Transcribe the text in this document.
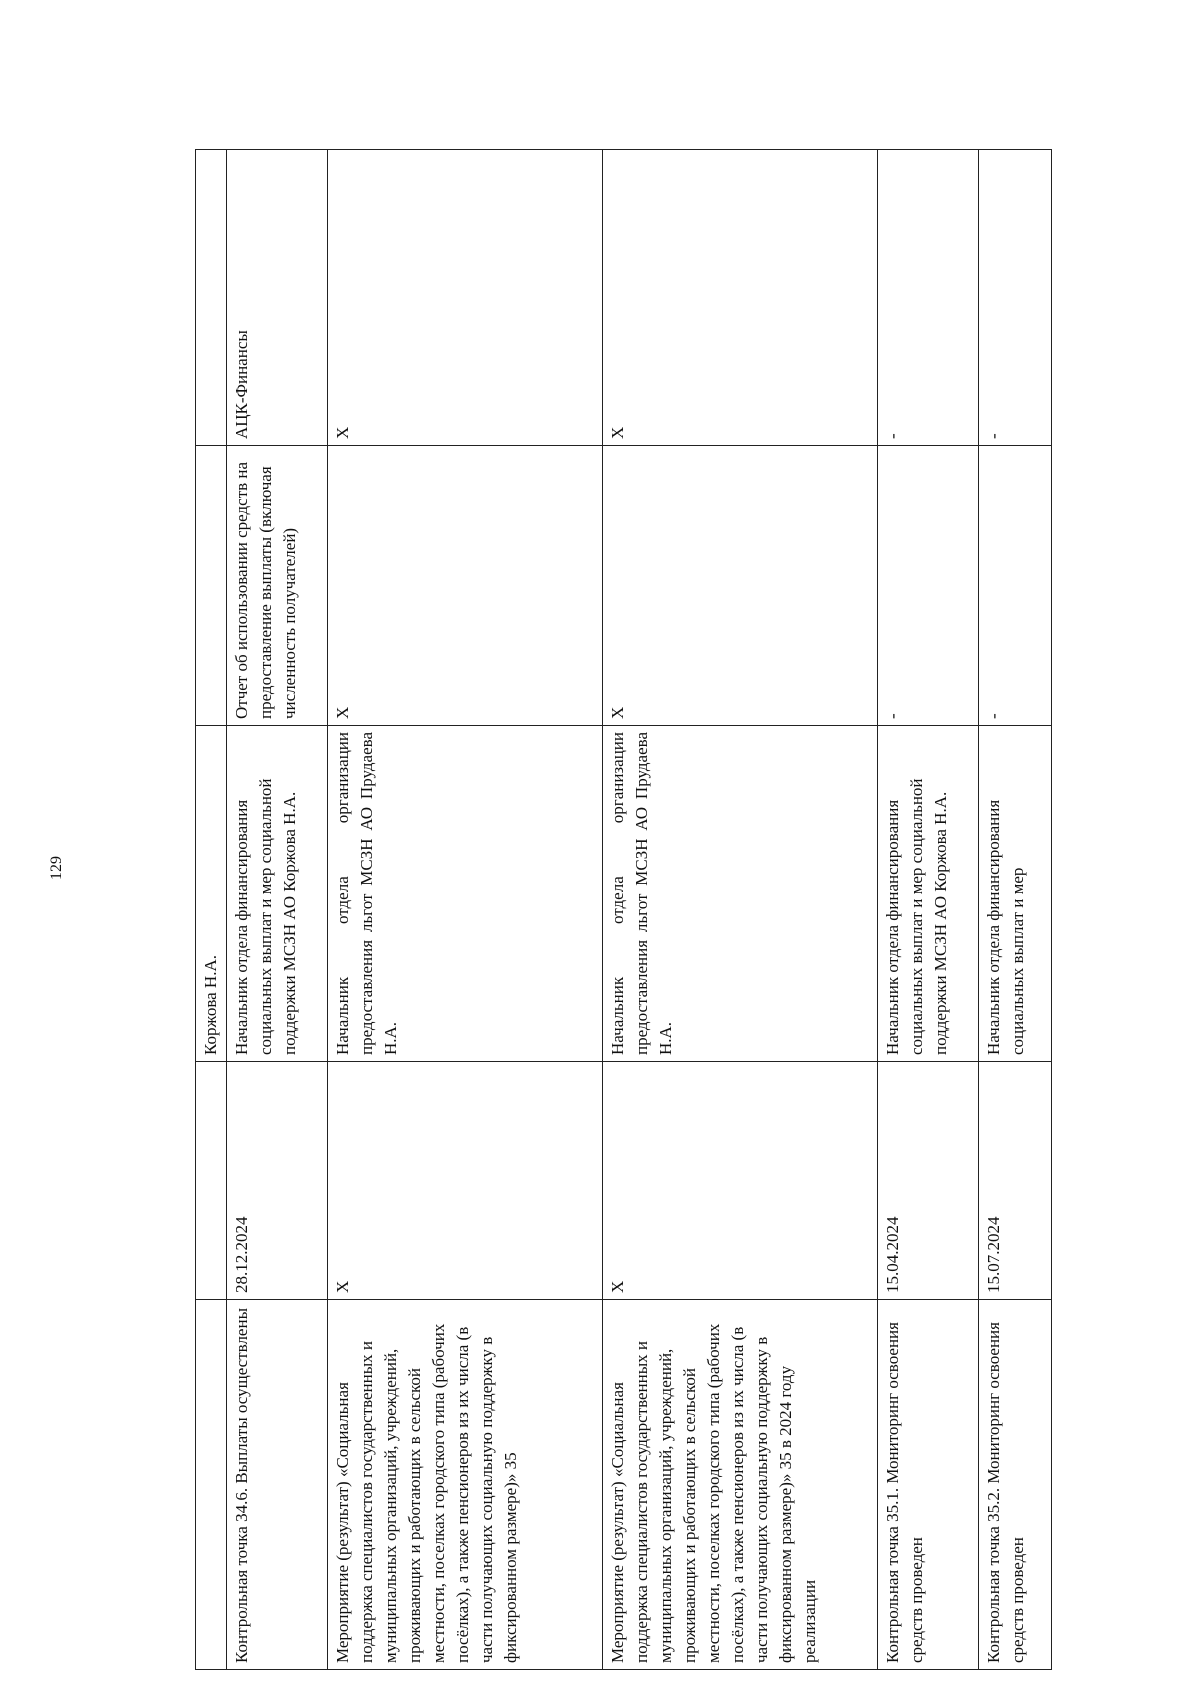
129
		Коржова Н.А.		
Контрольная точка 34.6. Выплаты осуществлены	28.12.2024	Начальник отдела финансирования социальных выплат и мер социальной поддержки МСЗН АО Коржова Н.А.	Отчет об использовании средств на предоставление выплаты (включая численность получателей)	АЦК-Финансы
Мероприятие (результат) «Социальная поддержка специалистов государственных и муниципальных организаций, учреждений, проживающих и работающих в сельской местности, поселках городского типа (рабочих посёлках), а также пенсионеров из их числа (в части получающих социальную поддержку в фиксированном размере)» 35	Х	Начальник отдела организации предоставления льгот МСЗН АО Прудаева Н.А.	Х	Х
Мероприятие (результат) «Социальная поддержка специалистов государственных и муниципальных организаций, учреждений, проживающих и работающих в сельской местности, поселках городского типа (рабочих посёлках), а также пенсионеров из их числа (в части получающих социальную поддержку в фиксированном размере)» 35 в 2024 году реализации	Х	Начальник отдела организации предоставления льгот МСЗН АО Прудаева Н.А.	Х	Х
Контрольная точка 35.1. Мониторинг освоения средств проведен	15.04.2024	Начальник отдела финансирования социальных выплат и мер социальной поддержки МСЗН АО Коржова Н.А.	-	-
Контрольная точка 35.2. Мониторинг освоения средств проведен	15.07.2024	Начальник отдела финансирования социальных выплат и мер	-	-
